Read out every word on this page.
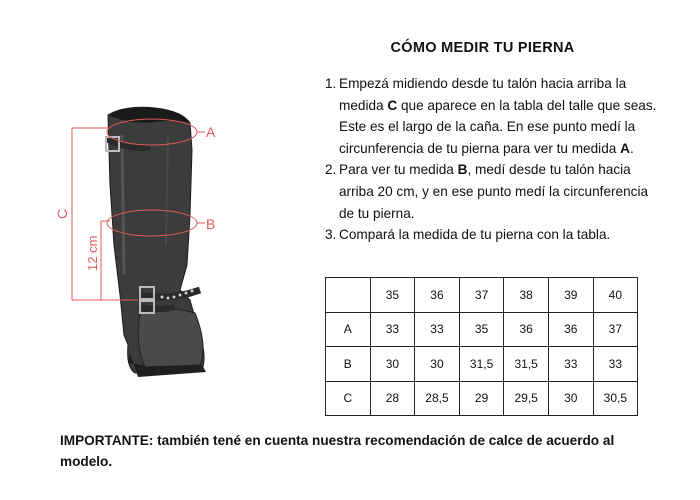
A
B
C
12 cm
CÓMO MEDIR TU PIERNA
1. Empezá midiendo desde tu talón hacia arriba la medida C que aparece en la tabla del talle que seas. Este es el largo de la caña. En ese punto medí la circunferencia de tu pierna para ver tu medida A.
2. Para ver tu medida B, medí desde tu talón hacia arriba 20 cm, y en ese punto medí la circunferencia de tu pierna.
3. Compará la medida de tu pierna con la tabla.
	35	36	37	38	39	40
A	33	33	35	36	36	37
B	30	30	31,5	31,5	33	33
C	28	28,5	29	29,5	30	30,5
IMPORTANTE: también tené en cuenta nuestra recomendación de calce de acuerdo al modelo.
